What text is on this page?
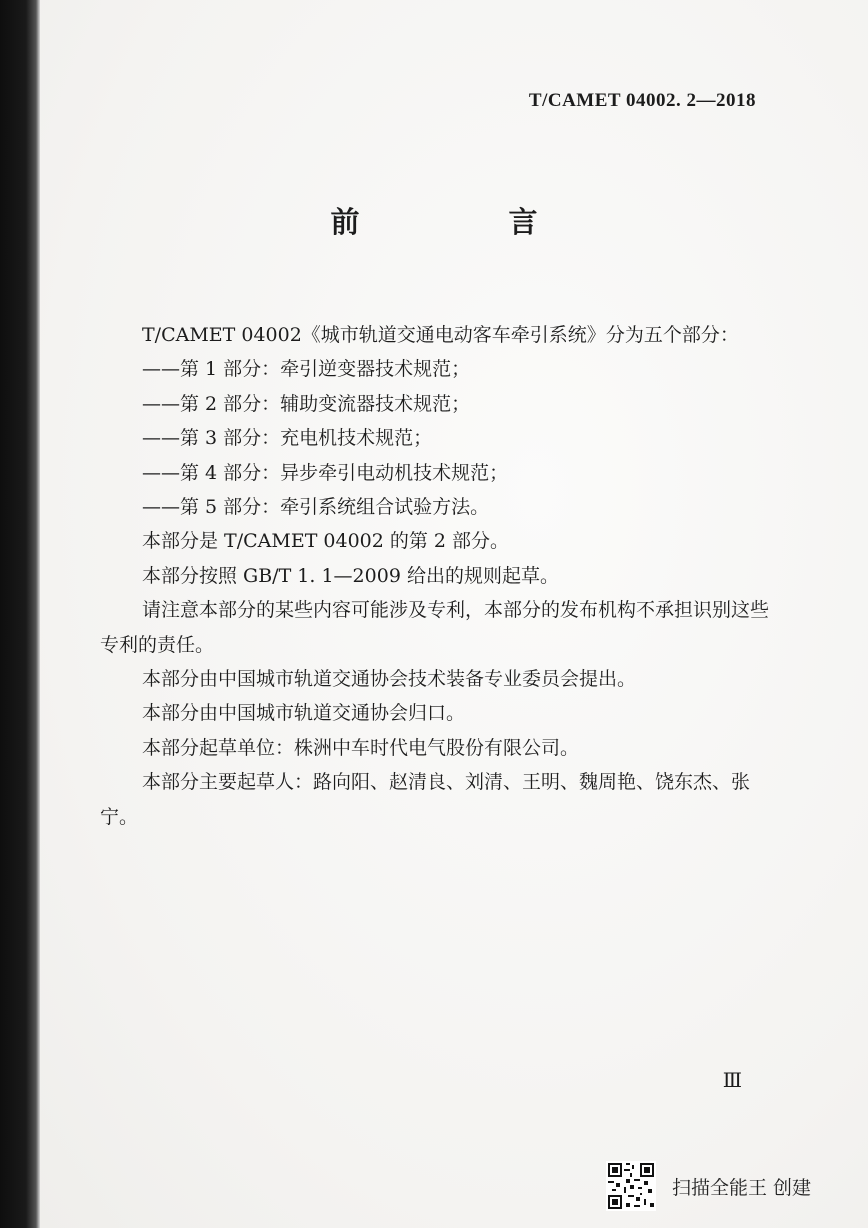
T/CAMET 04002. 2—2018
前　言

T/CAMET 04002《城市轨道交通电动客车牵引系统》分为五个部分：

——第 1 部分：牵引逆变器技术规范；

——第 2 部分：辅助变流器技术规范；

——第 3 部分：充电机技术规范；

——第 4 部分：异步牵引电动机技术规范；

——第 5 部分：牵引系统组合试验方法。

本部分是 T/CAMET 04002 的第 2 部分。

本部分按照 GB/T 1. 1—2009 给出的规则起草。

请注意本部分的某些内容可能涉及专利，本部分的发布机构不承担识别这些专利的责任。

本部分由中国城市轨道交通协会技术装备专业委员会提出。

本部分由中国城市轨道交通协会归口。

本部分起草单位：株洲中车时代电气股份有限公司。

本部分主要起草人：路向阳、赵清良、刘清、王明、魏周艳、饶东杰、张宁。

Ⅲ
扫描全能王 创建
